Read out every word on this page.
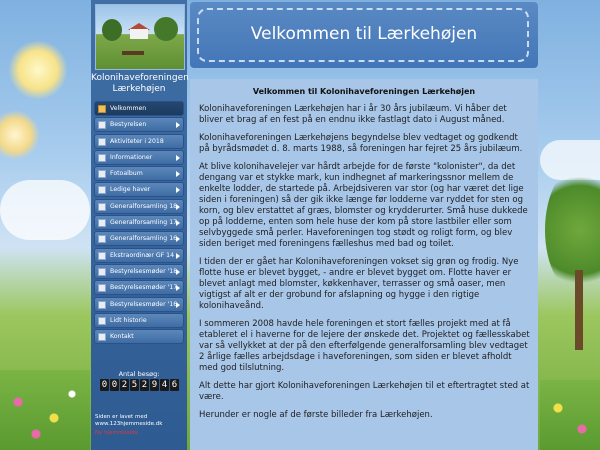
Kolonihaveforeningen Lærkehøjen
Velkommen
Bestyrelsen
Aktiviteter i 2018
Informationer
Fotoalbum
Ledige haver
Generalforsamling 18
Generalforsamling 17
Generalforsamling 16
Ekstraordinær GF 14
Bestyrelsesmøder '18
Bestyrelsesmøder '17
Bestyrelsesmøder '16
Lidt historie
Kontakt
Antal besøg:
0 0 2 5 2 9 4 6
Siden er lavet med www.123hjemmeside.dk
Ny hjemmeside
Velkommen til Lærkehøjen
Velkommen til Kolonihaveforeningen Lærkehøjen

Kolonihaveforeningen Lærkehøjen har i år 30 års jubilæum. Vi håber det bliver et brag af en fest på en endnu ikke fastlagt dato i August måned.

Kolonihaveforeningen Lærkehøjens begyndelse blev vedtaget og godkendt på byrådsmødet d. 8. marts 1988, så foreningen har fejret 25 års jubilæum.

At blive kolonihavelejer var hårdt arbejde for de første "kolonister", da det dengang var et stykke mark, kun indhegnet af markeringssnor mellem de enkelte lodder, de startede på. Arbejdsiveren var stor (og har været det lige siden i foreningen) så der gik ikke længe før lodderne var ryddet for sten og korn, og blev erstattet af græs, blomster og krydderurter. Små huse dukkede op på lodderne, enten som hele huse der kom på store lastbiler eller som selvbyggede små perler. Haveforeningen tog stødt og roligt form, og blev siden beriget med foreningens fælleshus med bad og toilet.

I tiden der er gået har Kolonihaveforeningen vokset sig grøn og frodig. Nye flotte huse er blevet bygget, - andre er blevet bygget om. Flotte haver er blevet anlagt med blomster, køkkenhaver, terrasser og små oaser, men vigtigst af alt er der grobund for afslapning og hygge i den rigtige kolonihaveånd.

I sommeren 2008 havde hele foreningen et stort fælles projekt med at få etableret el i haverne for de lejere der ønskede det. Projektet og fællesskabet var så vellykket at der på den efterfølgende generalforsamling blev vedtaget 2 årlige fælles arbejdsdage i haveforeningen, som siden er blevet afholdt med god tilslutning.

Alt dette har gjort Kolonihaveforeningen Lærkehøjen til et eftertragtet sted at være.

Herunder er nogle af de første billeder fra Lærkehøjen.
